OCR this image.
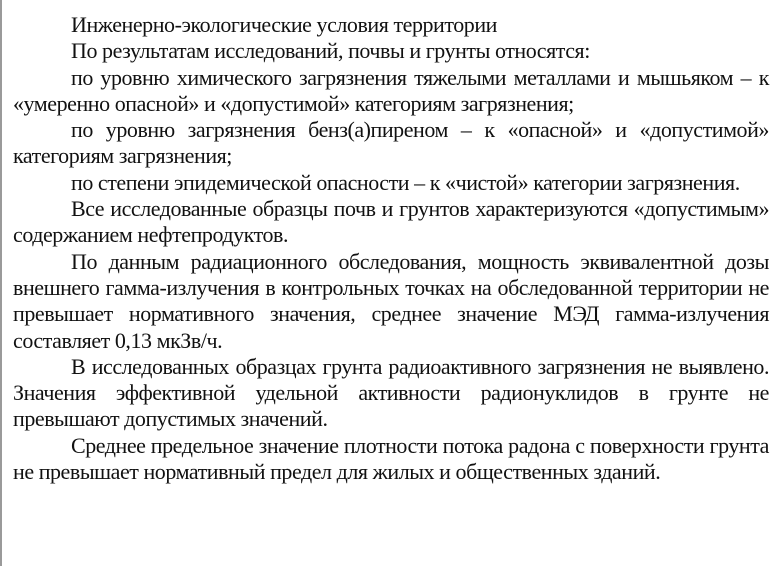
Инженерно-экологические условия территории

По результатам исследований, почвы и грунты относятся:

по уровню химического загрязнения тяжелыми металлами и мышьяком – к «умеренно опасной» и «допустимой» категориям загрязнения;

по уровню загрязнения бенз(а)пиреном – к «опасной» и «допустимой» категориям загрязнения;

по степени эпидемической опасности – к «чистой» категории загрязнения.

Все исследованные образцы почв и грунтов характеризуются «допустимым» содержанием нефтепродуктов.

По данным радиационного обследования, мощность эквивалентной дозы внешнего гамма-излучения в контрольных точках на обследованной территории не превышает нормативного значения, среднее значение МЭД гамма-излучения составляет 0,13 мкЗв/ч.

В исследованных образцах грунта радиоактивного загрязнения не выявлено. Значения эффективной удельной активности радионуклидов в грунте не превышают допустимых значений.

Среднее предельное значение плотности потока радона с поверхности грунта не превышает нормативный предел для жилых и общественных зданий.
